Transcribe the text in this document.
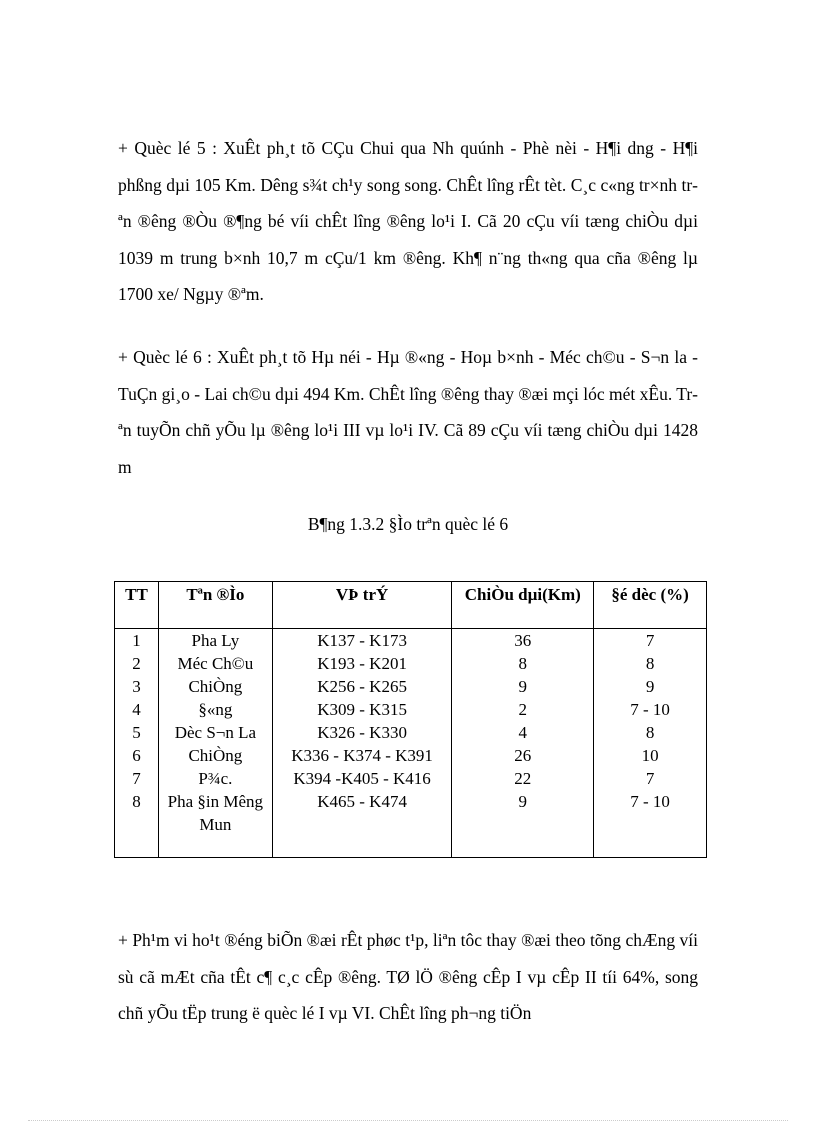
+ Quèc lé 5 : XuÊt ph¸t tõ CÇu Chui qua Nh quúnh - Phè nèi - H¶i dng - H¶i phßng dµi 105 Km. Dêng s¾t ch¹y song song. ChÊt lîng rÊt tèt. C¸c c«ng tr×nh trªn ®êng ®Òu ®¶ng bé víi chÊt lîng ®êng lo¹i I. Cã 20 cÇu víi tæng chiÒu dµi 1039 m trung b×nh 10,7 m cÇu/1 km ®êng. Kh¶ n¨ng th«ng qua cña ®êng lµ 1700 xe/ Ngµy ®ªm.

+ Quèc lé 6 : XuÊt ph¸t tõ Hµ néi - Hµ ®«ng - Hoµ b×nh - Méc ch©u - S¬n la - TuÇn gi¸o - Lai ch©u dµi 494 Km. ChÊt lîng ®êng thay ®æi mçi lóc mét xÊu. Trªn tuyÕn chñ yÕu lµ ®êng lo¹i III vµ lo¹i IV. Cã 89 cÇu víi tæng chiÒu dµi 1428 m

B¶ng 1.3.2 §Ìo trªn quèc lé 6
TT	Tªn ®Ìo	VÞ trÝ	ChiÒu dµi(Km)	§é dèc (%)
1	Pha Ly	K137 - K173	36	7
2	Méc Ch©u	K193 - K201	8	8
3	ChiÒng	K256 - K265	9	9
4	§«ng	K309 - K315	2	7 - 10
5	Dèc S¬n La	K326 - K330	4	8
6	ChiÒng	K336 - K374 - K391	26	10
7	P¾c.	K394 -K405 - K416	22	7
8	Pha §in Mêng Mun	K465 - K474	9	7 - 10

+ Ph¹m vi ho¹t ®éng biÕn ®æi rÊt phøc t¹p, liªn tôc thay ®æi theo tõng chÆng víi sù cã mÆt cña tÊt c¶ c¸c cÊp ®êng. TØ lÖ ®êng cÊp I vµ cÊp II tíi 64%, song chñ yÕu tËp trung ë quèc lé I vµ VI. ChÊt lîng ph¬ng tiÖn
